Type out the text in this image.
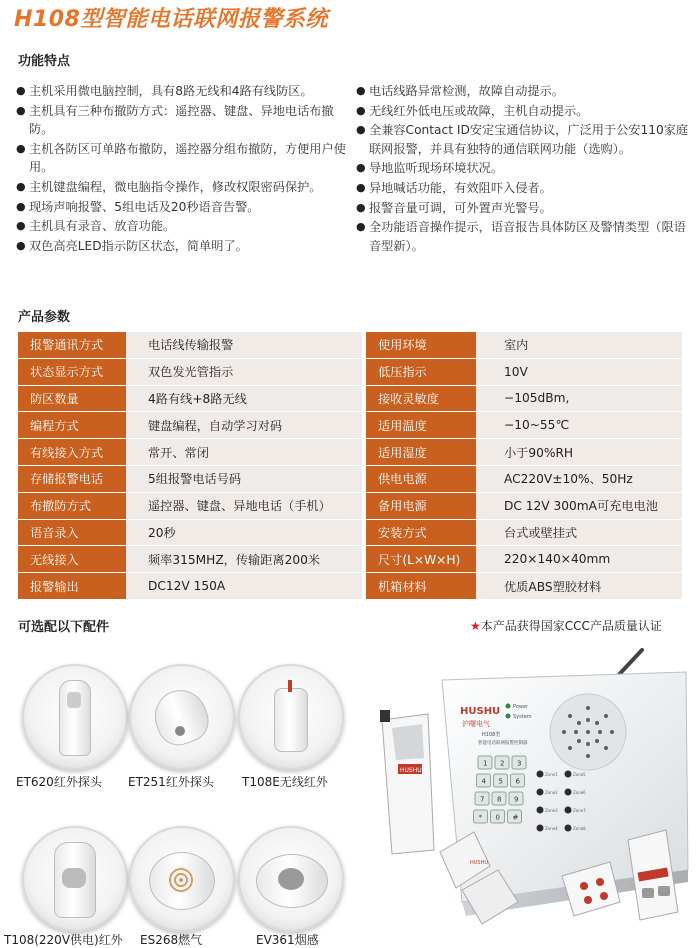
H108型智能电话联网报警系统
功能特点
● 主机采用微电脑控制，具有8路无线和4路有线防区。
● 主机具有三种布撤防方式：遥控器、键盘、异地电话布撤防。
● 主机各防区可单路布撤防，遥控器分组布撤防，方便用户使用。
● 主机键盘编程，微电脑指令操作，修改权限密码保护。
● 现场声响报警、5组电话及20秒语音告警。
● 主机具有录音、放音功能。
● 双色高亮LED指示防区状态，简单明了。
● 电话线路异常检测，故障自动提示。
● 无线红外低电压或故障，主机自动提示。
● 全兼容Contact ID安定宝通信协议，广泛用于公安110家庭联网报警，并具有独特的通信联网功能（选购）。
● 导地监听现场环境状况。
● 异地喊话功能，有效阻吓入侵者。
● 报警音量可调，可外置声光警号。
● 全功能语音操作提示，语音报告具体防区及警情类型（限语音型新）。
产品参数
报警通讯方式	电话线传输报警	使用环境	室内
状态显示方式	双色发光管指示	低压指示	10V
防区数量	4路有线+8路无线	接收灵敏度	−105dBm,
编程方式	键盘编程，自动学习对码	适用温度	−10~55℃
有线接入方式	常开、常闭	适用湿度	小于90%RH
存储报警电话	5组报警电话号码	供电电源	AC220V±10%、50Hz
布撤防方式	遥控器、键盘、异地电话（手机）	备用电源	DC 12V 300mA可充电电池
语音录入	20秒	安装方式	台式或壁挂式
无线接入	频率315MHZ，传输距离200米	尺寸(L×W×H)	220×140×40mm
报警输出	DC12V 150A	机箱材料	优质ABS塑胶材料
可选配以下配件	★本产品获得国家CCC产品质量认证
ET620红外探头 ET251红外探头 T108E无线红外
T108(220V供电)红外 ES268燃气	EV361烟感
HUSHU
沪曙电气
Power
System
H108型
智能电话联网报警控制器
1 2 3
4 5 6
7 8 9
* 0 #
Zone1	Zone5
Zone2	Zone6
Zone3	Zone7
Zone4	Zone8
HUSHU
HUSHU
